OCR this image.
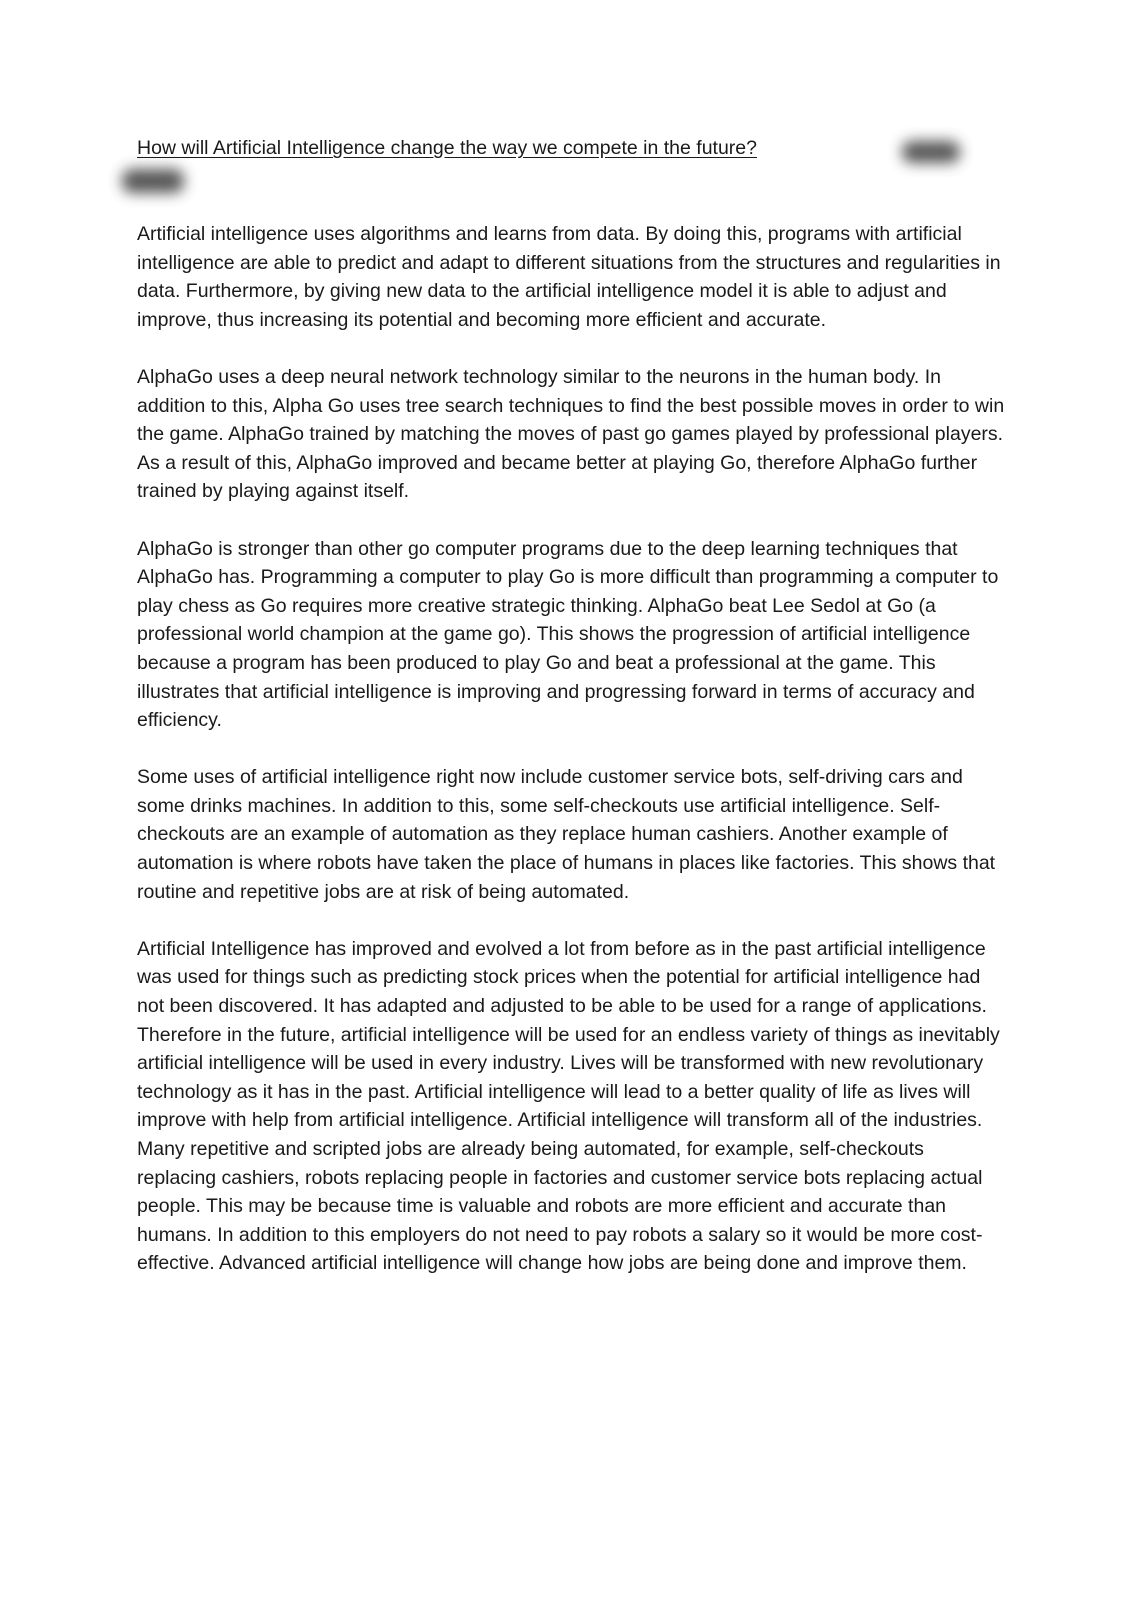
How will Artificial Intelligence change the way we compete in the future?

Artificial intelligence uses algorithms and learns from data. By doing this, programs with artificial intelligence are able to predict and adapt to different situations from the structures and regularities in data. Furthermore, by giving new data to the artificial intelligence model it is able to adjust and improve, thus increasing its potential and becoming more efficient and accurate.

AlphaGo uses a deep neural network technology similar to the neurons in the human body. In addition to this, Alpha Go uses tree search techniques to find the best possible moves in order to win the game. AlphaGo trained by matching the moves of past go games played by professional players. As a result of this, AlphaGo improved and became better at playing Go, therefore AlphaGo further trained by playing against itself.

AlphaGo is stronger than other go computer programs due to the deep learning techniques that AlphaGo has. Programming a computer to play Go is more difficult than programming a computer to play chess as Go requires more creative strategic thinking. AlphaGo beat Lee Sedol at Go (a professional world champion at the game go). This shows the progression of artificial intelligence because a program has been produced to play Go and beat a professional at the game. This illustrates that artificial intelligence is improving and progressing forward in terms of accuracy and efficiency.

Some uses of artificial intelligence right now include customer service bots, self-driving cars and some drinks machines. In addition to this, some self-checkouts use artificial intelligence. Self-checkouts are an example of automation as they replace human cashiers. Another example of automation is where robots have taken the place of humans in places like factories. This shows that routine and repetitive jobs are at risk of being automated.

Artificial Intelligence has improved and evolved a lot from before as in the past artificial intelligence was used for things such as predicting stock prices when the potential for artificial intelligence had not been discovered. It has adapted and adjusted to be able to be used for a range of applications. Therefore in the future, artificial intelligence will be used for an endless variety of things as inevitably artificial intelligence will be used in every industry. Lives will be transformed with new revolutionary technology as it has in the past. Artificial intelligence will lead to a better quality of life as lives will improve with help from artificial intelligence. Artificial intelligence will transform all of the industries. Many repetitive and scripted jobs are already being automated, for example, self-checkouts replacing cashiers, robots replacing people in factories and customer service bots replacing actual people. This may be because time is valuable and robots are more efficient and accurate than humans. In addition to this employers do not need to pay robots a salary so it would be more cost-effective. Advanced artificial intelligence will change how jobs are being done and improve them.
